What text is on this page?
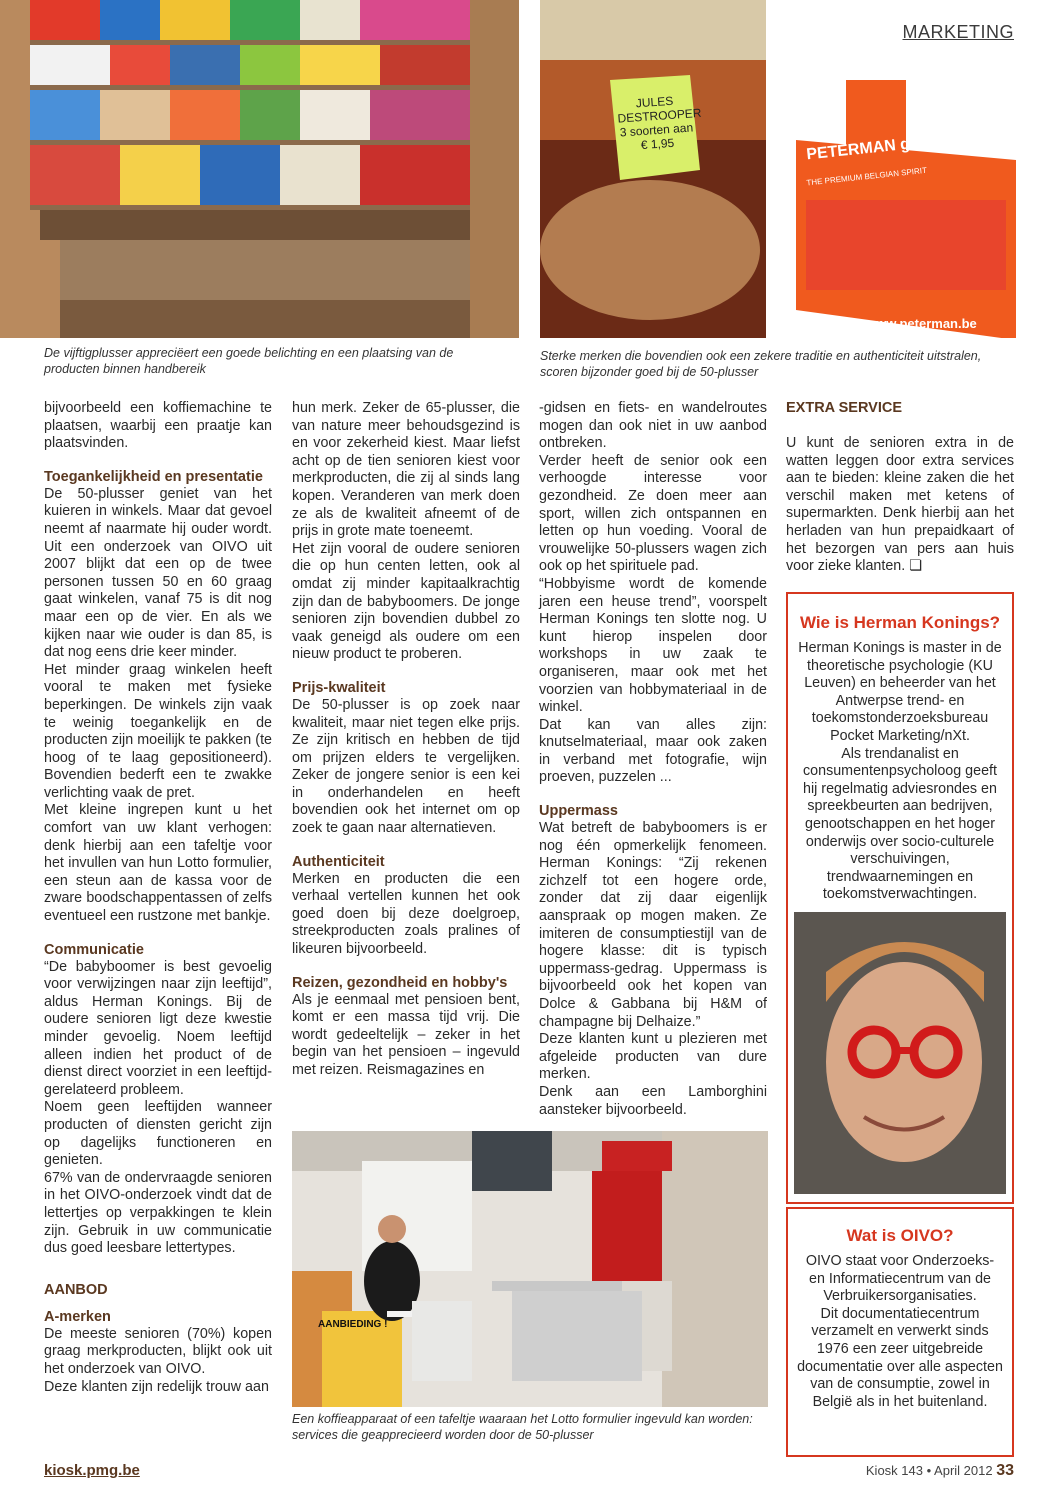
MARKETING
JULES DESTROOPER 3 soorten aan € 1,95	PETERMAN genever
THE PREMIUM BELGIAN SPIRIT
www.peterman.be
De vijftigplusser appreciëert een goede belichting en een plaatsing van de producten binnen handbereik
Sterke merken die bovendien ook een zekere traditie en authenticiteit uitstralen, scoren bijzonder goed bij de 50-plusser

bijvoorbeeld een koffiemachine te plaatsen, waarbij een praatje kan plaatsvinden.

Toegankelijkheid en presentatie

De 50-plusser geniet van het kuieren in winkels. Maar dat gevoel neemt af naarmate hij ouder wordt. Uit een onderzoek van OIVO uit 2007 blijkt dat een op de twee personen tussen 50 en 60 graag gaat winkelen, vanaf 75 is dit nog maar een op de vier. En als we kijken naar wie ouder is dan 85, is dat nog eens drie keer minder.

Het minder graag winkelen heeft vooral te maken met fysieke beperkingen. De winkels zijn vaak te weinig toegankelijk en de producten zijn moeilijk te pakken (te hoog of te laag gepositioneerd). Bovendien bederft een te zwakke verlichting vaak de pret.

Met kleine ingrepen kunt u het comfort van uw klant verhogen: denk hierbij aan een tafeltje voor het invullen van hun Lotto formulier, een steun aan de kassa voor de zware boodschappentassen of zelfs eventueel een rustzone met bankje.

Communicatie

“De babyboomer is best gevoelig voor verwijzingen naar zijn leeftijd”, aldus Herman Konings. Bij de oudere senioren ligt deze kwestie minder gevoelig. Noem leeftijd alleen indien het product of de dienst direct voorziet in een leeftijd-gerelateerd probleem.

Noem geen leeftijden wanneer producten of diensten gericht zijn op dagelijks functioneren en genieten.

67% van de ondervraagde senioren in het OIVO-onderzoek vindt dat de lettertjes op verpakkingen te klein zijn. Gebruik in uw communicatie dus goed leesbare lettertypes.

AANBOD
A-merken

De meeste senioren (70%) kopen graag merkproducten, blijkt ook uit het onderzoek van OIVO.

Deze klanten zijn redelijk trouw aan

hun merk. Zeker de 65-plusser, die van nature meer behoudsgezind is en voor zekerheid kiest. Maar liefst acht op de tien senioren kiest voor merkproducten, die zij al sinds lang kopen. Veranderen van merk doen ze als de kwaliteit afneemt of de prijs in grote mate toeneemt.

Het zijn vooral de oudere senioren die op hun centen letten, ook al omdat zij minder kapitaalkrachtig zijn dan de babyboomers. De jonge senioren zijn bovendien dubbel zo vaak geneigd als oudere om een nieuw product te proberen.

Prijs-kwaliteit

De 50-plusser is op zoek naar kwaliteit, maar niet tegen elke prijs. Ze zijn kritisch en hebben de tijd om prijzen elders te vergelijken. Zeker de jongere senior is een kei in onderhandelen en heeft bovendien ook het internet om op zoek te gaan naar alternatieven.

Authenticiteit

Merken en producten die een verhaal vertellen kunnen het ook goed doen bij deze doelgroep, streekproducten zoals pralines of likeuren bijvoorbeeld.

Reizen, gezondheid en hobby's

Als je eenmaal met pensioen bent, komt er een massa tijd vrij. Die wordt gedeeltelijk – zeker in het begin van het pensioen – ingevuld met reizen. Reismagazines en

-gidsen en fiets- en wandelroutes mogen dan ook niet in uw aanbod ontbreken.

Verder heeft de senior ook een verhoogde interesse voor gezondheid. Ze doen meer aan sport, willen zich ontspannen en letten op hun voeding. Vooral de vrouwelijke 50-plussers wagen zich ook op het spirituele pad.

“Hobbyisme wordt de komende jaren een heuse trend”, voorspelt Herman Konings ten slotte nog. U kunt hierop inspelen door workshops in uw zaak te organiseren, maar ook met het voorzien van hobbymateriaal in de winkel.

Dat kan van alles zijn: knutselmateriaal, maar ook zaken in verband met fotografie, wijn proeven, puzzelen ...

Uppermass

Wat betreft de babyboomers is er nog één opmerkelijk fenomeen. Herman Konings: “Zij rekenen zichzelf tot een hogere orde, zonder dat zij daar eigenlijk aanspraak op mogen maken. Ze imiteren de consumptiestijl van de hogere klasse: dit is typisch uppermass-gedrag. Uppermass is bijvoorbeeld ook het kopen van Dolce & Gabbana bij H&M of champagne bij Delhaize.”

Deze klanten kunt u plezieren met afgeleide producten van dure merken.

Denk aan een Lamborghini aansteker bijvoorbeeld.

EXTRA SERVICE

U kunt de senioren extra in de watten leggen door extra services aan te bieden: kleine zaken die het verschil maken met ketens of supermarkten. Denk hierbij aan het herladen van hun prepaidkaart of het bezorgen van pers aan huis voor zieke klanten. ❏

Wie is Herman Konings?

Herman Konings is master in de theoretische psychologie (KU Leuven) en beheerder van het Antwerpse trend- en toekomstonderzoeksbureau Pocket Marketing/nXt.

Als trendanalist en consumentenpsycholoog geeft hij regelmatig adviesrondes en spreekbeurten aan bedrijven, genootschappen en het hoger onderwijs over socio-culturele verschuivingen, trendwaarnemingen en toekomstverwachtingen.

Wat is OIVO?

OIVO staat voor Onderzoeks- en Informatiecentrum van de Verbruikersorganisaties.

Dit documentatiecentrum verzamelt en verwerkt sinds 1976 een zeer uitgebreide documentatie over alle aspecten van de consumptie, zowel in België als in het buitenland.

AANBIEDING !
Een koffieapparaat of een tafeltje waaraan het Lotto formulier ingevuld kan worden: services die geapprecieerd worden door de 50-plusser
kiosk.pmg.be	Kiosk 143 • April 2012 33
